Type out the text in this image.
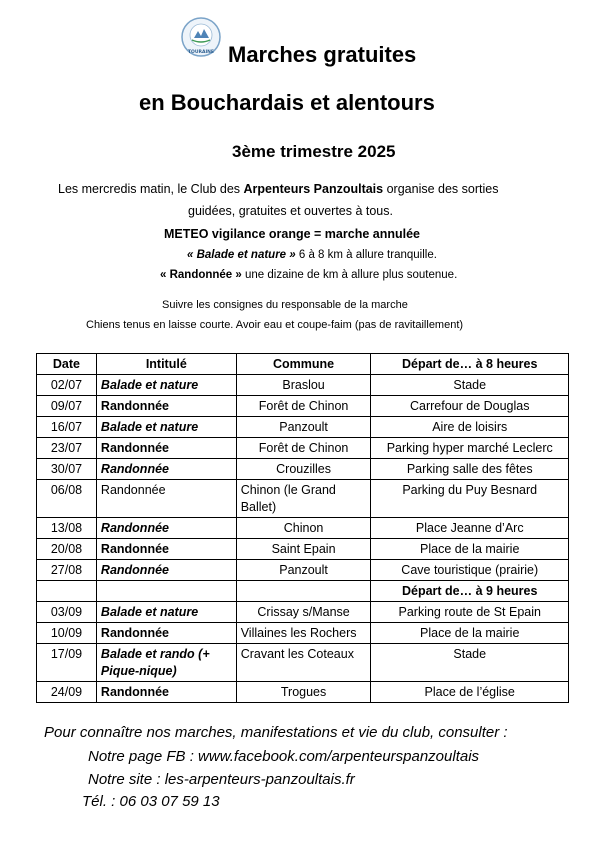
TOURAINE Marches gratuites
en Bouchardais et alentours
3ème trimestre 2025
Les mercredis matin, le Club des Arpenteurs Panzoultais organise des sorties
guidées, gratuites et ouvertes à tous.
METEO vigilance orange = marche annulée
« Balade et nature » 6 à 8 km à allure tranquille.
« Randonnée » une dizaine de km à allure plus soutenue.
Suivre les consignes du responsable de la marche
Chiens tenus en laisse courte. Avoir eau et coupe-faim (pas de ravitaillement)
Date	Intitulé	Commune	Départ de… à 8 heures
02/07	Balade et nature	Braslou	Stade
09/07	Randonnée	Forêt de Chinon	Carrefour de Douglas
16/07	Balade et nature	Panzoult	Aire de loisirs
23/07	Randonnée	Forêt de Chinon	Parking hyper marché Leclerc
30/07	Randonnée	Crouzilles	Parking salle des fêtes
06/08	Randonnée	Chinon (le Grand Ballet)	Parking du Puy Besnard
13/08	Randonnée	Chinon	Place Jeanne d’Arc
20/08	Randonnée	Saint Epain	Place de la mairie
27/08	Randonnée	Panzoult	Cave touristique (prairie)
			Départ de… à 9 heures
03/09	Balade et nature	Crissay s/Manse	Parking route de St Epain
10/09	Randonnée	Villaines les Rochers	Place de la mairie
17/09	Balade et rando (+ Pique-nique)	Cravant les Coteaux	Stade
24/09	Randonnée	Trogues	Place de l’église
Pour connaître nos marches, manifestations et vie du club, consulter :
Notre page FB : www.facebook.com/arpenteurspanzoultais
Notre site : les-arpenteurs-panzoultais.fr
Tél. : 06 03 07 59 13
